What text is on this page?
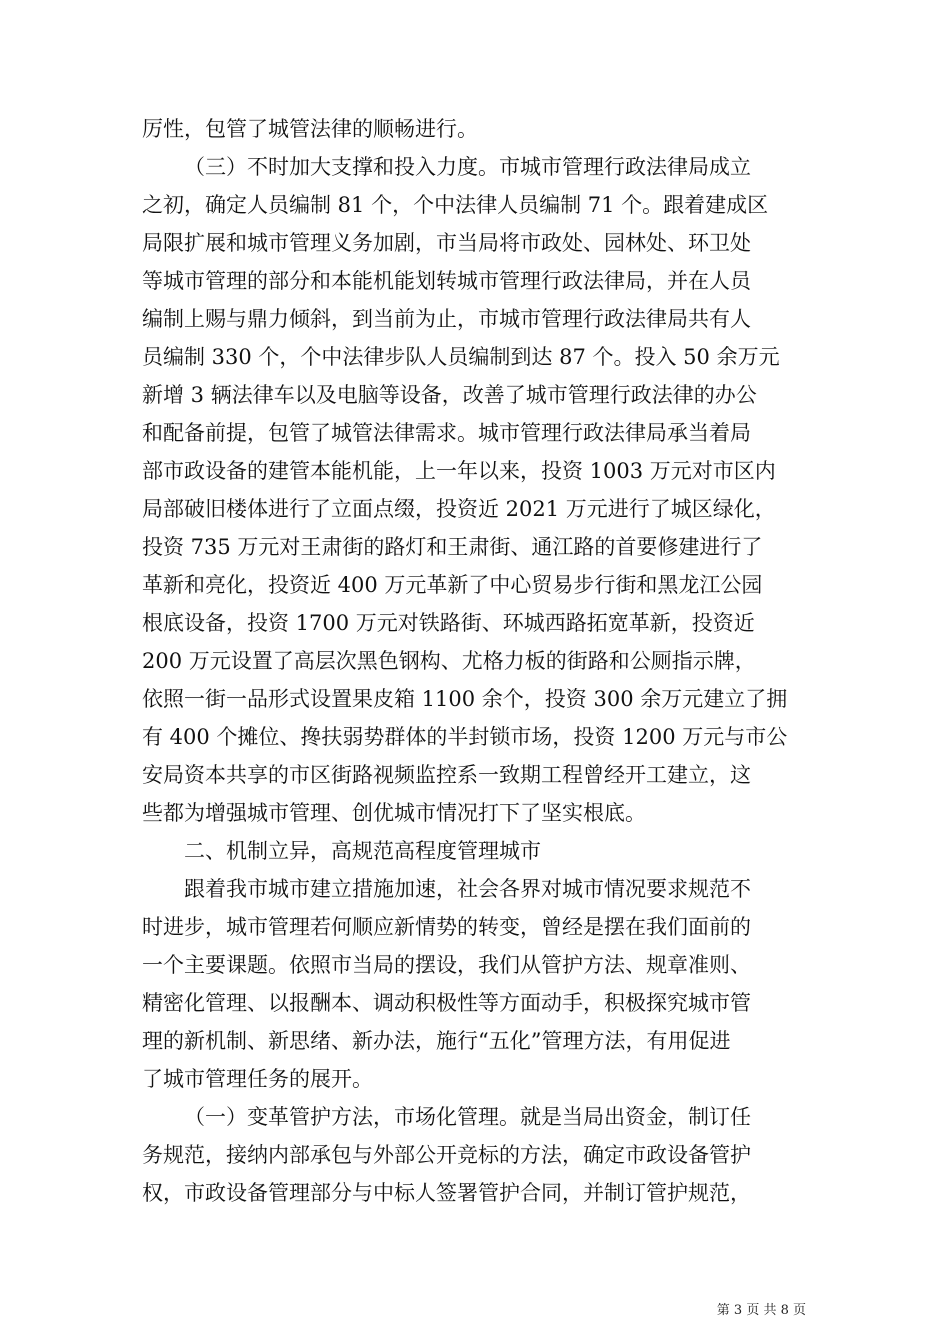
厉性，包管了城管法律的顺畅进行。
（三）不时加大支撑和投入力度。市城市管理行政法律局成立
之初，确定人员编制 81 个，个中法律人员编制 71 个。跟着建成区
局限扩展和城市管理义务加剧，市当局将市政处、园林处、环卫处
等城市管理的部分和本能机能划转城市管理行政法律局，并在人员
编制上赐与鼎力倾斜，到当前为止，市城市管理行政法律局共有人
员编制 330 个，个中法律步队人员编制到达 87 个。投入 50 余万元
新增 3 辆法律车以及电脑等设备，改善了城市管理行政法律的办公
和配备前提，包管了城管法律需求。城市管理行政法律局承当着局
部市政设备的建管本能机能，上一年以来，投资 1003 万元对市区内
局部破旧楼体进行了立面点缀，投资近 2021 万元进行了城区绿化，
投资 735 万元对王肃街的路灯和王肃街、通江路的首要修建进行了
革新和亮化，投资近 400 万元革新了中心贸易步行街和黑龙江公园
根底设备，投资 1700 万元对铁路街、环城西路拓宽革新，投资近
200 万元设置了高层次黑色钢构、尤格力板的街路和公厕指示牌，
依照一街一品形式设置果皮箱 1100 余个，投资 300 余万元建立了拥
有 400 个摊位、搀扶弱势群体的半封锁市场，投资 1200 万元与市公
安局资本共享的市区街路视频监控系一致期工程曾经开工建立，这
些都为增强城市管理、创优城市情况打下了坚实根底。
二、机制立异，高规范高程度管理城市
跟着我市城市建立措施加速，社会各界对城市情况要求规范不
时进步，城市管理若何顺应新情势的转变，曾经是摆在我们面前的
一个主要课题。依照市当局的摆设，我们从管护方法、规章准则、
精密化管理、以报酬本、调动积极性等方面动手，积极探究城市管
理的新机制、新思绪、新办法，施行“五化”管理方法，有用促进
了城市管理任务的展开。
（一）变革管护方法，市场化管理。就是当局出资金，制订任
务规范，接纳内部承包与外部公开竞标的方法，确定市政设备管护
权，市政设备管理部分与中标人签署管护合同，并制订管护规范，
第 3 页 共 8 页
